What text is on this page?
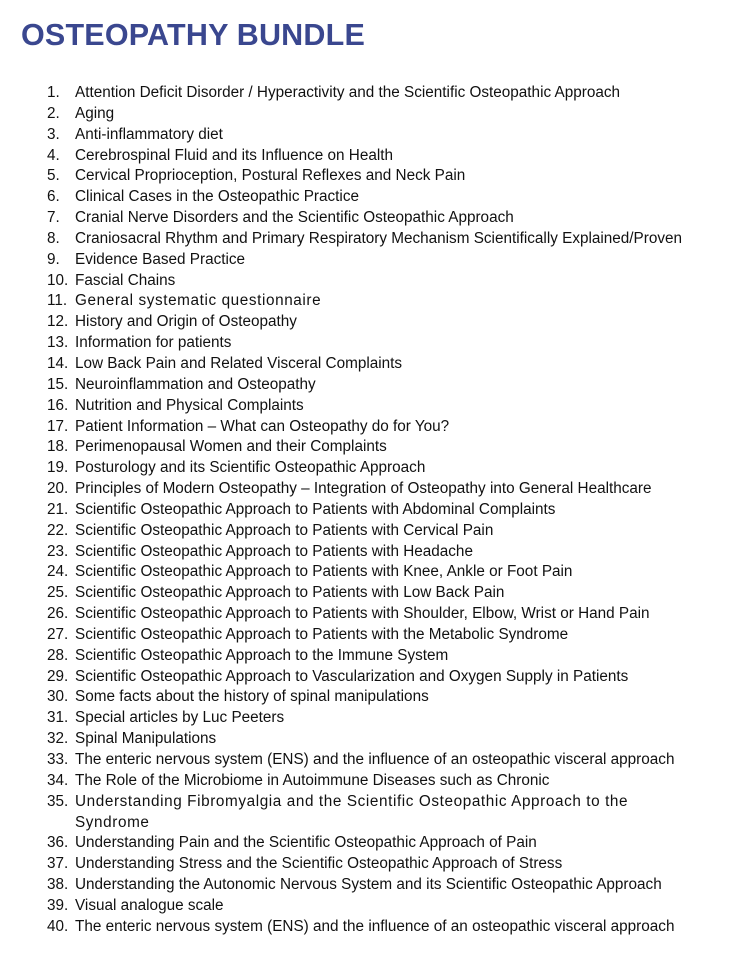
OSTEOPATHY BUNDLE
1. Attention Deficit Disorder / Hyperactivity and the Scientific Osteopathic Approach
2. Aging
3. Anti-inflammatory diet
4. Cerebrospinal Fluid and its Influence on Health
5. Cervical Proprioception, Postural Reflexes and Neck Pain
6. Clinical Cases in the Osteopathic Practice
7. Cranial Nerve Disorders and the Scientific Osteopathic Approach
8. Craniosacral Rhythm and Primary Respiratory Mechanism Scientifically Explained/Proven
9. Evidence Based Practice
10. Fascial Chains
11. General systematic questionnaire
12. History and Origin of Osteopathy
13. Information for patients
14. Low Back Pain and Related Visceral Complaints
15. Neuroinflammation and Osteopathy
16. Nutrition and Physical Complaints
17. Patient Information – What can Osteopathy do for You?
18. Perimenopausal Women and their Complaints
19. Posturology and its Scientific Osteopathic Approach
20. Principles of Modern Osteopathy – Integration of Osteopathy into General Healthcare
21. Scientific Osteopathic Approach to Patients with Abdominal Complaints
22. Scientific Osteopathic Approach to Patients with Cervical Pain
23. Scientific Osteopathic Approach to Patients with Headache
24. Scientific Osteopathic Approach to Patients with Knee, Ankle or Foot Pain
25. Scientific Osteopathic Approach to Patients with Low Back Pain
26. Scientific Osteopathic Approach to Patients with Shoulder, Elbow, Wrist or Hand Pain
27. Scientific Osteopathic Approach to Patients with the Metabolic Syndrome
28. Scientific Osteopathic Approach to the Immune System
29. Scientific Osteopathic Approach to Vascularization and Oxygen Supply in Patients
30. Some facts about the history of spinal manipulations
31. Special articles by Luc Peeters
32. Spinal Manipulations
33. The enteric nervous system (ENS) and the influence of an osteopathic visceral approach
34. The Role of the Microbiome in Autoimmune Diseases such as Chronic
35. Understanding Fibromyalgia and the Scientific Osteopathic Approach to the Syndrome
36. Understanding Pain and the Scientific Osteopathic Approach of Pain
37. Understanding Stress and the Scientific Osteopathic Approach of Stress
38. Understanding the Autonomic Nervous System and its Scientific Osteopathic Approach
39. Visual analogue scale
40. The enteric nervous system (ENS) and the influence of an osteopathic visceral approach
